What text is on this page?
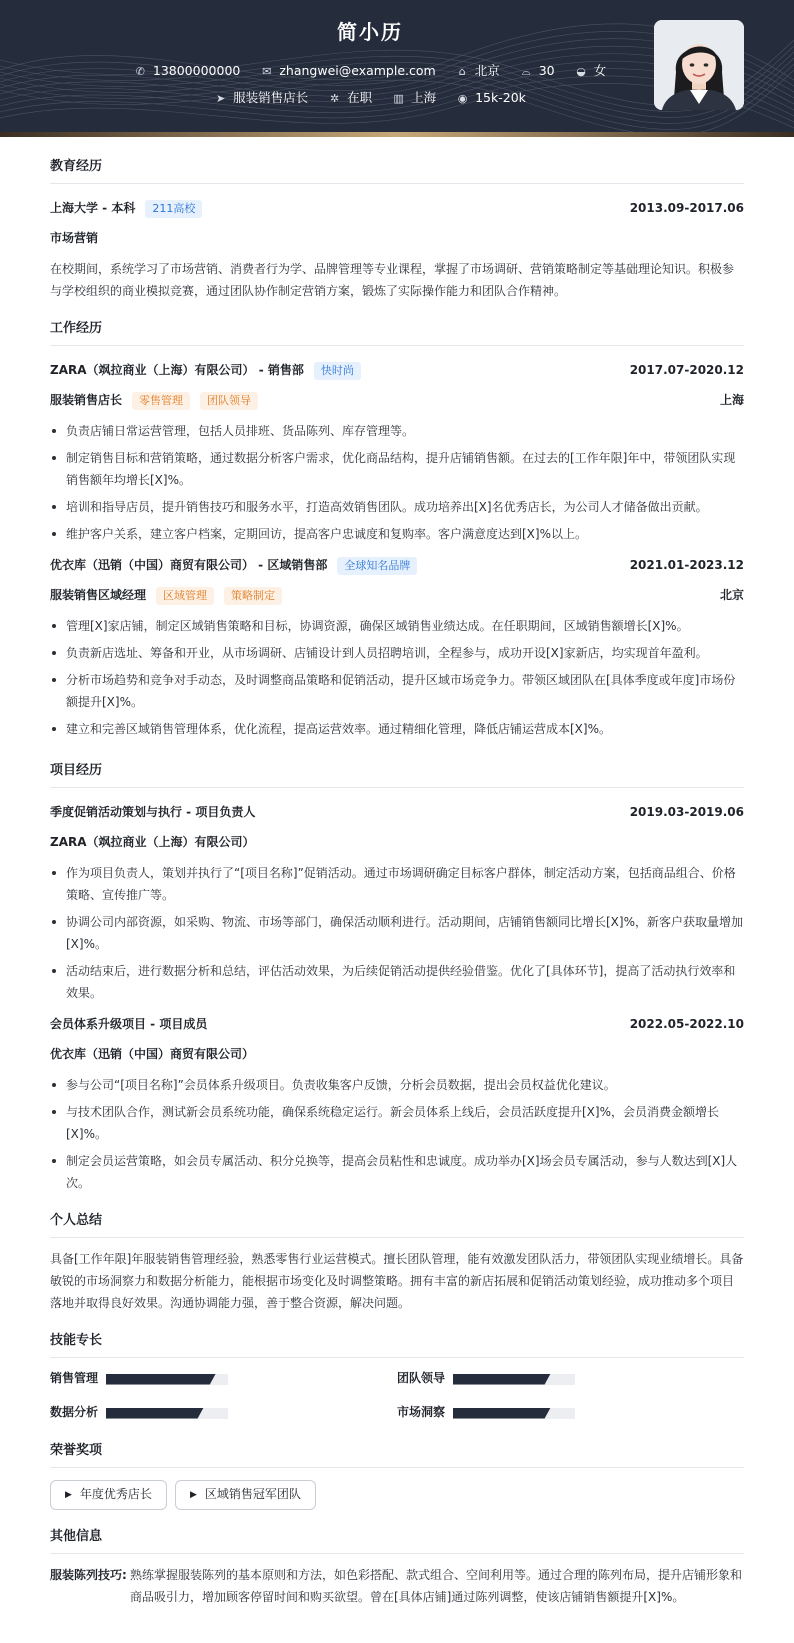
简小历
✆ 13800000000 ✉ zhangwei@example.com ⌂ 北京 ⌓ 30 ◒ 女
➤ 服装销售店长 ✲ 在职 ▥ 上海 ◉ 15k-20k
教育经历
上海大学 - 本科	211高校	2013.09-2017.06
市场营销
在校期间，系统学习了市场营销、消费者行为学、品牌管理等专业课程，掌握了市场调研、营销策略制定等基础理论知识。积极参与学校组织的商业模拟竞赛，通过团队协作制定营销方案，锻炼了实际操作能力和团队合作精神。
工作经历
ZARA（飒拉商业（上海）有限公司） - 销售部	快时尚	2017.07-2020.12
服装销售店长	零售管理	团队领导	上海
负责店铺日常运营管理，包括人员排班、货品陈列、库存管理等。
制定销售目标和营销策略，通过数据分析客户需求，优化商品结构，提升店铺销售额。在过去的[工作年限]年中，带领团队实现销售额年均增长[X]%。
培训和指导店员，提升销售技巧和服务水平，打造高效销售团队。成功培养出[X]名优秀店长，为公司人才储备做出贡献。
维护客户关系，建立客户档案，定期回访，提高客户忠诚度和复购率。客户满意度达到[X]%以上。
优衣库（迅销（中国）商贸有限公司） - 区域销售部	全球知名品牌	2021.01-2023.12
服装销售区域经理	区域管理	策略制定	北京
管理[X]家店铺，制定区域销售策略和目标，协调资源，确保区域销售业绩达成。在任职期间，区域销售额增长[X]%。
负责新店选址、筹备和开业，从市场调研、店铺设计到人员招聘培训，全程参与，成功开设[X]家新店，均实现首年盈利。
分析市场趋势和竞争对手动态，及时调整商品策略和促销活动，提升区域市场竞争力。带领区域团队在[具体季度或年度]市场份额提升[X]%。
建立和完善区域销售管理体系，优化流程，提高运营效率。通过精细化管理，降低店铺运营成本[X]%。
项目经历
季度促销活动策划与执行 - 项目负责人	2019.03-2019.06
ZARA（飒拉商业（上海）有限公司）
作为项目负责人，策划并执行了“[项目名称]”促销活动。通过市场调研确定目标客户群体，制定活动方案，包括商品组合、价格策略、宣传推广等。
协调公司内部资源，如采购、物流、市场等部门，确保活动顺利进行。活动期间，店铺销售额同比增长[X]%，新客户获取量增加[X]%。
活动结束后，进行数据分析和总结，评估活动效果，为后续促销活动提供经验借鉴。优化了[具体环节]，提高了活动执行效率和效果。
会员体系升级项目 - 项目成员	2022.05-2022.10
优衣库（迅销（中国）商贸有限公司）
参与公司“[项目名称]”会员体系升级项目。负责收集客户反馈，分析会员数据，提出会员权益优化建议。
与技术团队合作，测试新会员系统功能，确保系统稳定运行。新会员体系上线后，会员活跃度提升[X]%，会员消费金额增长[X]%。
制定会员运营策略，如会员专属活动、积分兑换等，提高会员粘性和忠诚度。成功举办[X]场会员专属活动，参与人数达到[X]人次。
个人总结
具备[工作年限]年服装销售管理经验，熟悉零售行业运营模式。擅长团队管理，能有效激发团队活力，带领团队实现业绩增长。具备敏锐的市场洞察力和数据分析能力，能根据市场变化及时调整策略。拥有丰富的新店拓展和促销活动策划经验，成功推动多个项目落地并取得良好效果。沟通协调能力强，善于整合资源，解决问题。
技能专长
销售管理	团队领导
数据分析	市场洞察
荣誉奖项
▶ 年度优秀店长	▶ 区域销售冠军团队
其他信息
服装陈列技巧: 熟练掌握服装陈列的基本原则和方法，如色彩搭配、款式组合、空间利用等。通过合理的陈列布局，提升店铺形象和商品吸引力，增加顾客停留时间和购买欲望。曾在[具体店铺]通过陈列调整，使该店铺销售额提升[X]%。
